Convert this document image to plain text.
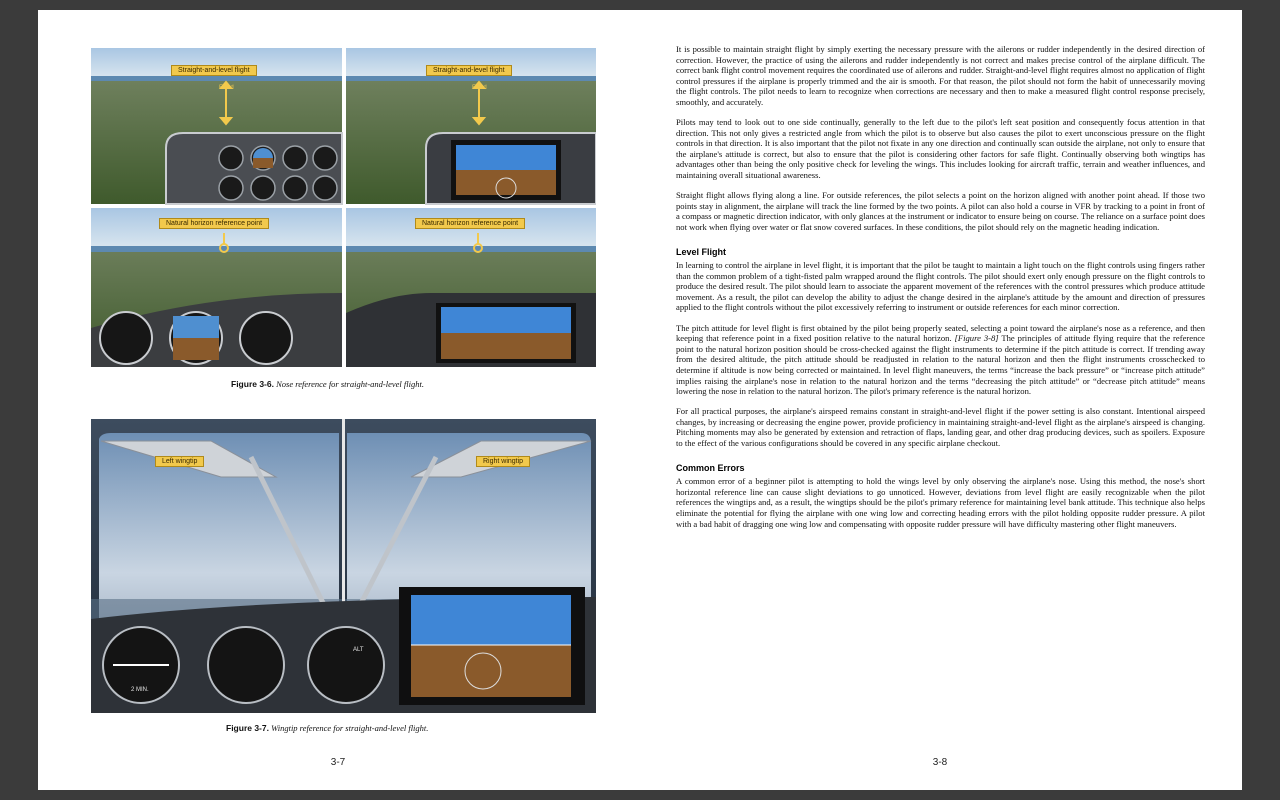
Straight-and-level flight	Straight-and-level flight
Fixed	Fixed
Natural horizon reference point	Natural horizon reference point
Figure 3-6. Nose reference for straight-and-level flight.
Left wingtip	Right wingtip
2 MIN.
ALT
Figure 3-7. Wingtip reference for straight-and-level flight.
3-7

It is possible to maintain straight flight by simply exerting the necessary pressure with the ailerons or rudder independently in the desired direction of correction. However, the practice of using the ailerons and rudder independently is not correct and makes precise control of the airplane difficult. The correct bank flight control movement requires the coordinated use of ailerons and rudder. Straight-and-level flight requires almost no application of flight control pressures if the airplane is properly trimmed and the air is smooth. For that reason, the pilot should not form the habit of unnecessarily moving the flight controls. The pilot needs to learn to recognize when corrections are necessary and then to make a measured flight control response precisely, smoothly, and accurately.

Pilots may tend to look out to one side continually, generally to the left due to the pilot's left seat position and consequently focus attention in that direction. This not only gives a restricted angle from which the pilot is to observe but also causes the pilot to exert unconscious pressure on the flight controls in that direction. It is also important that the pilot not fixate in any one direction and continually scan outside the airplane, not only to ensure that the airplane's attitude is correct, but also to ensure that the pilot is considering other factors for safe flight. Continually observing both wingtips has advantages other than being the only positive check for leveling the wings. This includes looking for aircraft traffic, terrain and weather influences, and maintaining overall situational awareness.

Straight flight allows flying along a line. For outside references, the pilot selects a point on the horizon aligned with another point ahead. If those two points stay in alignment, the airplane will track the line formed by the two points. A pilot can also hold a course in VFR by tracking to a point in front of a compass or magnetic direction indicator, with only glances at the instrument or indicator to ensure being on course. The reliance on a surface point does not work when flying over water or flat snow covered surfaces. In these conditions, the pilot should rely on the magnetic heading indication.

Level Flight

In learning to control the airplane in level flight, it is important that the pilot be taught to maintain a light touch on the flight controls using fingers rather than the common problem of a tight-fisted palm wrapped around the flight controls. The pilot should exert only enough pressure on the flight controls to produce the desired result. The pilot should learn to associate the apparent movement of the references with the control pressures which produce attitude movement. As a result, the pilot can develop the ability to adjust the change desired in the airplane's attitude by the amount and direction of pressures applied to the flight controls without the pilot excessively referring to instrument or outside references for each minor correction.

The pitch attitude for level flight is first obtained by the pilot being properly seated, selecting a point toward the airplane's nose as a reference, and then keeping that reference point in a fixed position relative to the natural horizon. [Figure 3-8] The principles of attitude flying require that the reference point to the natural horizon position should be cross-checked against the flight instruments to determine if the pitch attitude is correct. If trending away from the desired altitude, the pitch attitude should be readjusted in relation to the natural horizon and then the flight instruments crosschecked to determine if altitude is now being corrected or maintained. In level flight maneuvers, the terms “increase the back pressure” or “increase pitch attitude” implies raising the airplane's nose in relation to the natural horizon and the terms “decreasing the pitch attitude” or “decrease pitch attitude” means lowering the nose in relation to the natural horizon. The pilot's primary reference is the natural horizon.

For all practical purposes, the airplane's airspeed remains constant in straight-and-level flight if the power setting is also constant. Intentional airspeed changes, by increasing or decreasing the engine power, provide proficiency in maintaining straight-and-level flight as the airplane's airspeed is changing. Pitching moments may also be generated by extension and retraction of flaps, landing gear, and other drag producing devices, such as spoilers. Exposure to the effect of the various configurations should be covered in any specific airplane checkout.

Common Errors

A common error of a beginner pilot is attempting to hold the wings level by only observing the airplane's nose. Using this method, the nose's short horizontal reference line can cause slight deviations to go unnoticed. However, deviations from level flight are easily recognizable when the pilot references the wingtips and, as a result, the wingtips should be the pilot's primary reference for maintaining level bank attitude. This technique also helps eliminate the potential for flying the airplane with one wing low and correcting heading errors with the pilot holding opposite rudder pressure. A pilot with a bad habit of dragging one wing low and compensating with opposite rudder pressure will have difficulty mastering other flight maneuvers.

3-8
